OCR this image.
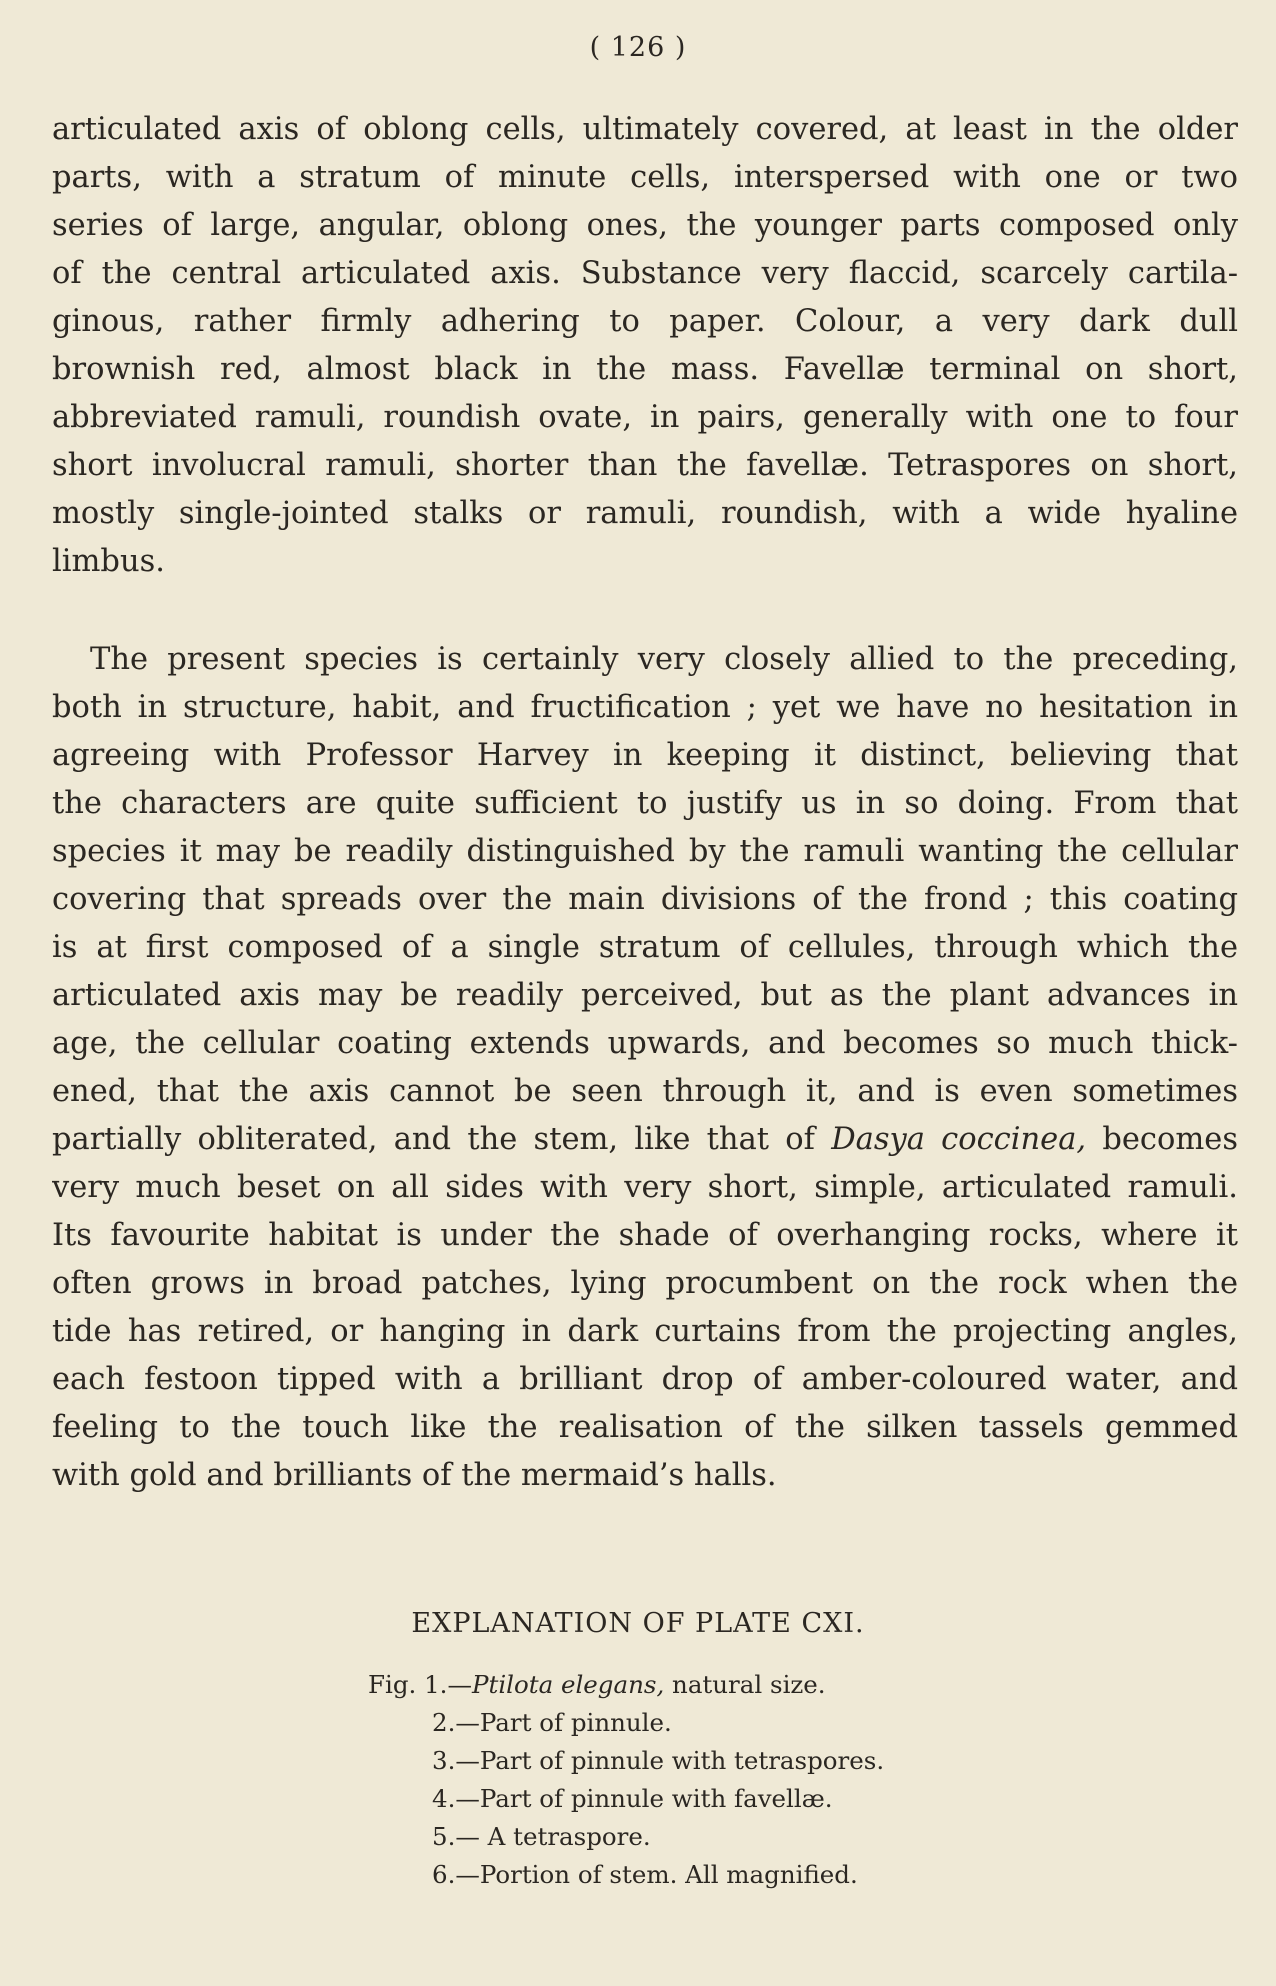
( 126 )
articulated axis of oblong cells, ultimately covered, at least in the older
parts, with a stratum of minute cells, interspersed with one or two
series of large, angular, oblong ones, the younger parts composed only
of the central articulated axis. Substance very flaccid, scarcely cartila-
ginous, rather firmly adhering to paper. Colour, a very dark dull
brownish red, almost black in the mass. Favellæ terminal on short,
abbreviated ramuli, roundish ovate, in pairs, generally with one to four
short involucral ramuli, shorter than the favellæ. Tetraspores on short,
mostly single-jointed stalks or ramuli, roundish, with a wide hyaline
limbus.
The present species is certainly very closely allied to the preceding,
both in structure, habit, and fructification ; yet we have no hesitation in
agreeing with Professor Harvey in keeping it distinct, believing that
the characters are quite sufficient to justify us in so doing. From that
species it may be readily distinguished by the ramuli wanting the cellular
covering that spreads over the main divisions of the frond ; this coating
is at first composed of a single stratum of cellules, through which the
articulated axis may be readily perceived, but as the plant advances in
age, the cellular coating extends upwards, and becomes so much thick-
ened, that the axis cannot be seen through it, and is even sometimes
partially obliterated, and the stem, like that of Dasya coccinea, becomes
very much beset on all sides with very short, simple, articulated ramuli.
Its favourite habitat is under the shade of overhanging rocks, where it
often grows in broad patches, lying procumbent on the rock when the
tide has retired, or hanging in dark curtains from the projecting angles,
each festoon tipped with a brilliant drop of amber-coloured water, and
feeling to the touch like the realisation of the silken tassels gemmed
with gold and brilliants of the mermaid’s halls.
EXPLANATION OF PLATE CXI.
Fig. 1.—Ptilota elegans, natural size.
2.—Part of pinnule.
3.—Part of pinnule with tetraspores.
4.—Part of pinnule with favellæ.
5.— A tetraspore.
6.—Portion of stem. All magnified.
